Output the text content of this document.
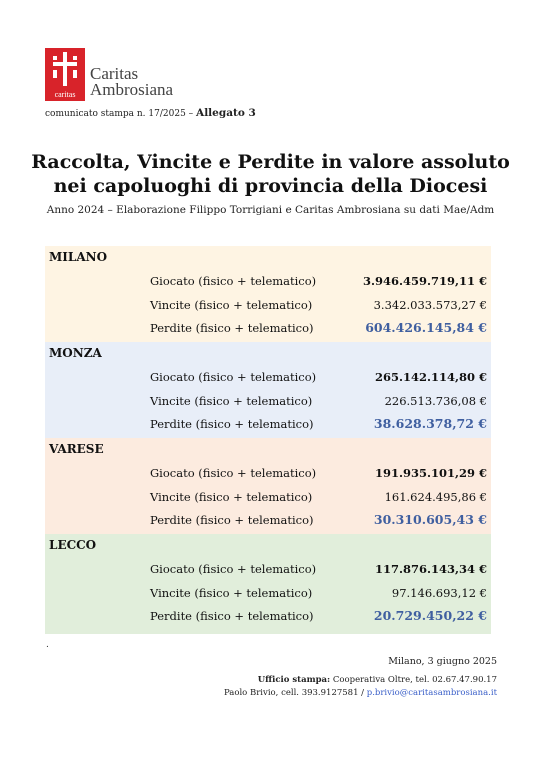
caritas
Caritas
Ambrosiana
comunicato stampa n. 17/2025 – Allegato 3
Raccolta, Vincite e Perdite in valore assoluto
nei capoluoghi di provincia della Diocesi
Anno 2024 – Elaborazione Filippo Torrigiani e Caritas Ambrosiana su dati Mae/Adm
MILANO
Giocato (fisico + telematico)	3.946.459.719,11 €
Vincite (fisico + telematico)	3.342.033.573,27 €
Perdite (fisico + telematico)	604.426.145,84 €
MONZA
Giocato (fisico + telematico)	265.142.114,80 €
Vincite (fisico + telematico)	226.513.736,08 €
Perdite (fisico + telematico)	38.628.378,72 €
VARESE
Giocato (fisico + telematico)	191.935.101,29 €
Vincite (fisico + telematico)	161.624.495,86 €
Perdite (fisico + telematico)	30.310.605,43 €
LECCO
Giocato (fisico + telematico)	117.876.143,34 €
Vincite (fisico + telematico)	97.146.693,12 €
Perdite (fisico + telematico)	20.729.450,22 €
.
Milano, 3 giugno 2025
Ufficio stampa: Cooperativa Oltre, tel. 02.67.47.90.17
Paolo Brivio, cell. 393.9127581 / p.brivio@caritasambrosiana.it
